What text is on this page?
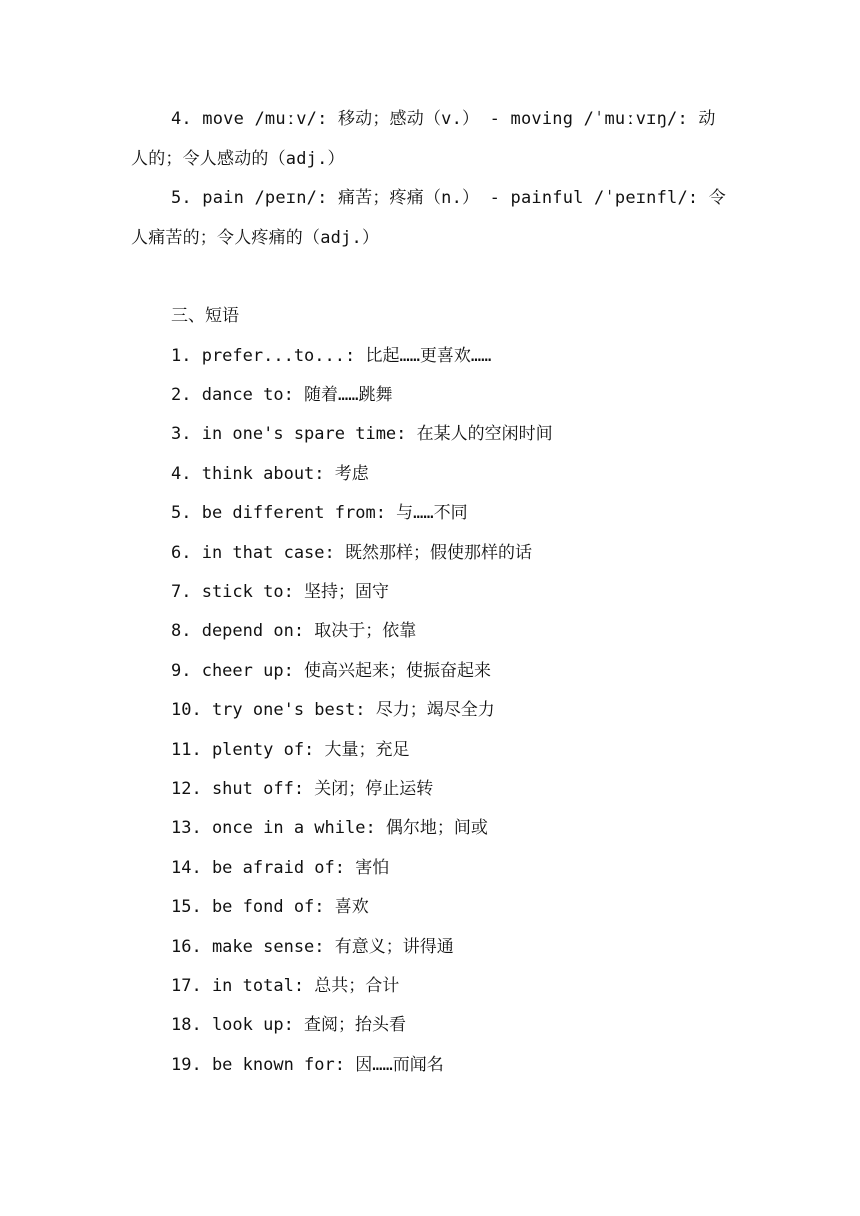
4. move /muːv/: 移动；感动（v.） - moving /ˈmuːvɪŋ/: 动人的；令人感动的（adj.）

5. pain /peɪn/: 痛苦；疼痛（n.） - painful /ˈpeɪnfl/: 令人痛苦的；令人疼痛的（adj.）

三、短语
1. prefer...to...: 比起……更喜欢……
2. dance to: 随着……跳舞
3. in one's spare time: 在某人的空闲时间
4. think about: 考虑
5. be different from: 与……不同
6. in that case: 既然那样；假使那样的话
7. stick to: 坚持；固守
8. depend on: 取决于；依靠
9. cheer up: 使高兴起来；使振奋起来
10. try one's best: 尽力；竭尽全力
11. plenty of: 大量；充足
12. shut off: 关闭；停止运转
13. once in a while: 偶尔地；间或
14. be afraid of: 害怕
15. be fond of: 喜欢
16. make sense: 有意义；讲得通
17. in total: 总共；合计
18. look up: 查阅；抬头看
19. be known for: 因……而闻名
